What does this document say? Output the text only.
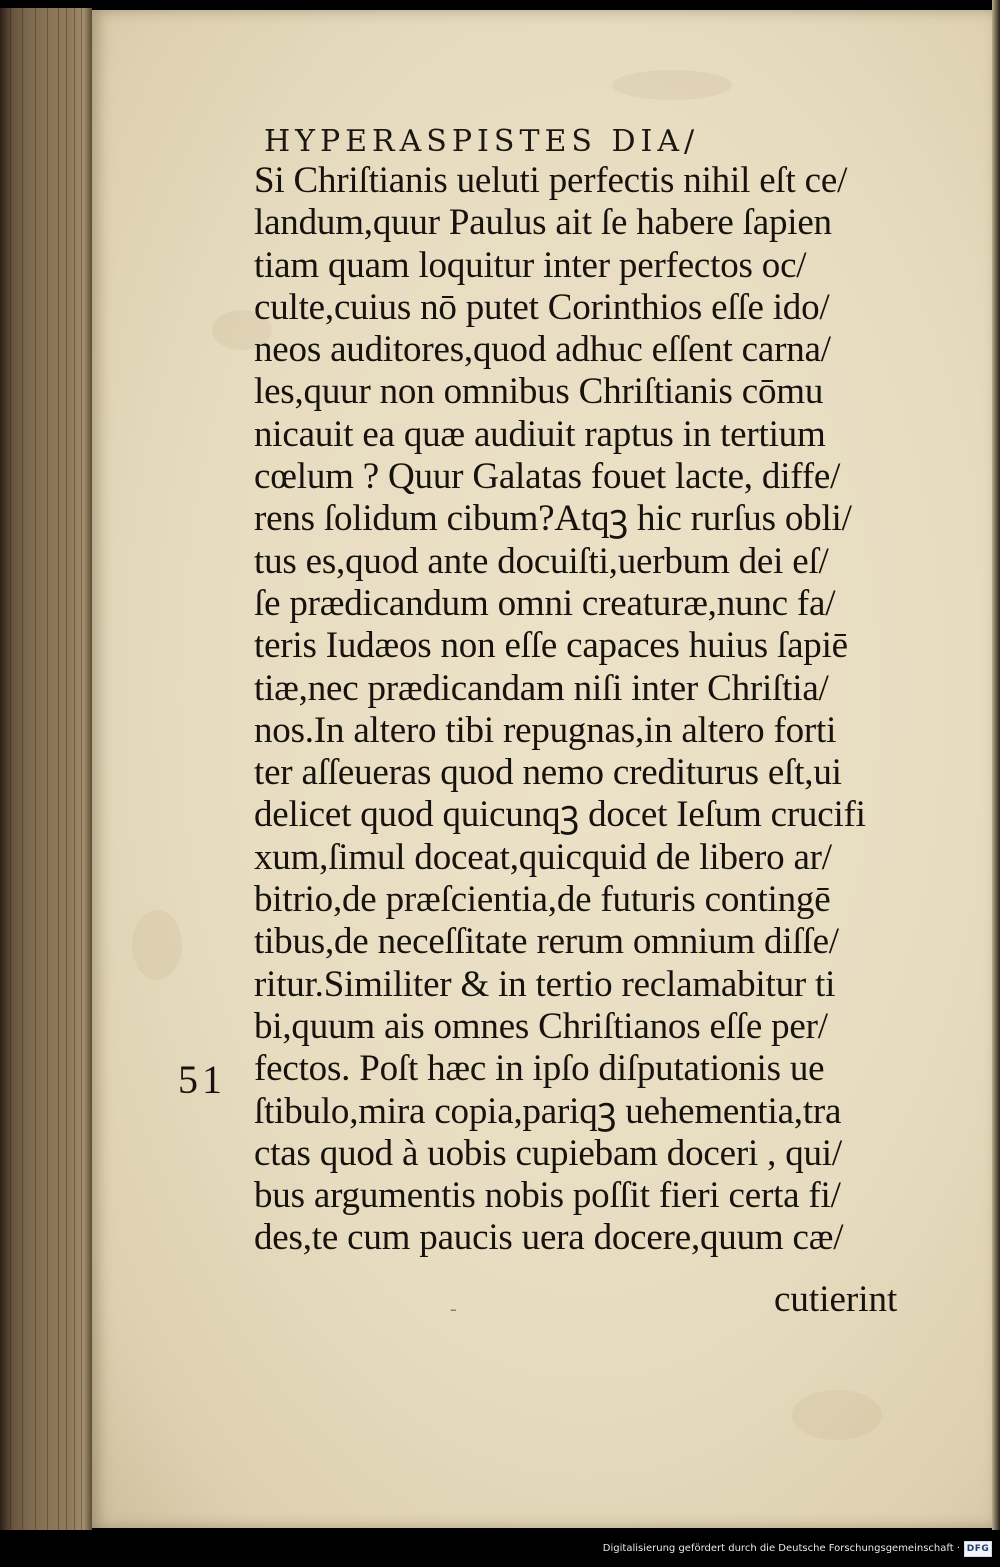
HYPERASPISTES DIA/
Si Chriſtianis ueluti perfectis nihil eſt ce/
landum,quur Paulus ait ſe habere ſapien
tiam quam loquitur inter perfectos oc/
culte,cuius nō putet Corinthios eſſe ido/
neos auditores,quod adhuc eſſent carna/
les,quur non omnibus Chriſtianis cōmu
nicauit ea quæ audiuit raptus in tertium
cœlum ? Quur Galatas fouet lacte, diffe/
rens ſolidum cibum?Atqꝫ hic rurſus obli/
tus es,quod ante docuiſti,uerbum dei eſ/
ſe prædicandum omni creaturæ,nunc fa/
teris Iudæos non eſſe capaces huius ſapiē
tiæ,nec prædicandam niſi inter Chriſtia/
nos.In altero tibi repugnas,in altero forti
ter aſſeueras quod nemo crediturus eſt,ui
delicet quod quicunqꝫ docet Ieſum crucifi
xum,ſimul doceat,quicquid de libero ar/
bitrio,de præſcientia,de futuris contingē
tibus,de neceſſitate rerum omnium diſſe/
ritur.Similiter & in tertio reclamabitur ti
bi,quum ais omnes Chriſtianos eſſe per/
fectos. Poſt hæc in ipſo diſputationis ue
ſtibulo,mira copia,pariqꝫ uehementia,tra
ctas quod à uobis cupiebam doceri , qui/
bus argumentis nobis poſſit fieri certa fi/
des,te cum paucis uera docere,quum cæ/
51
cutierint
-
Digitalisierung gefördert durch die Deutsche Forschungsgemeinschaft · DFG
